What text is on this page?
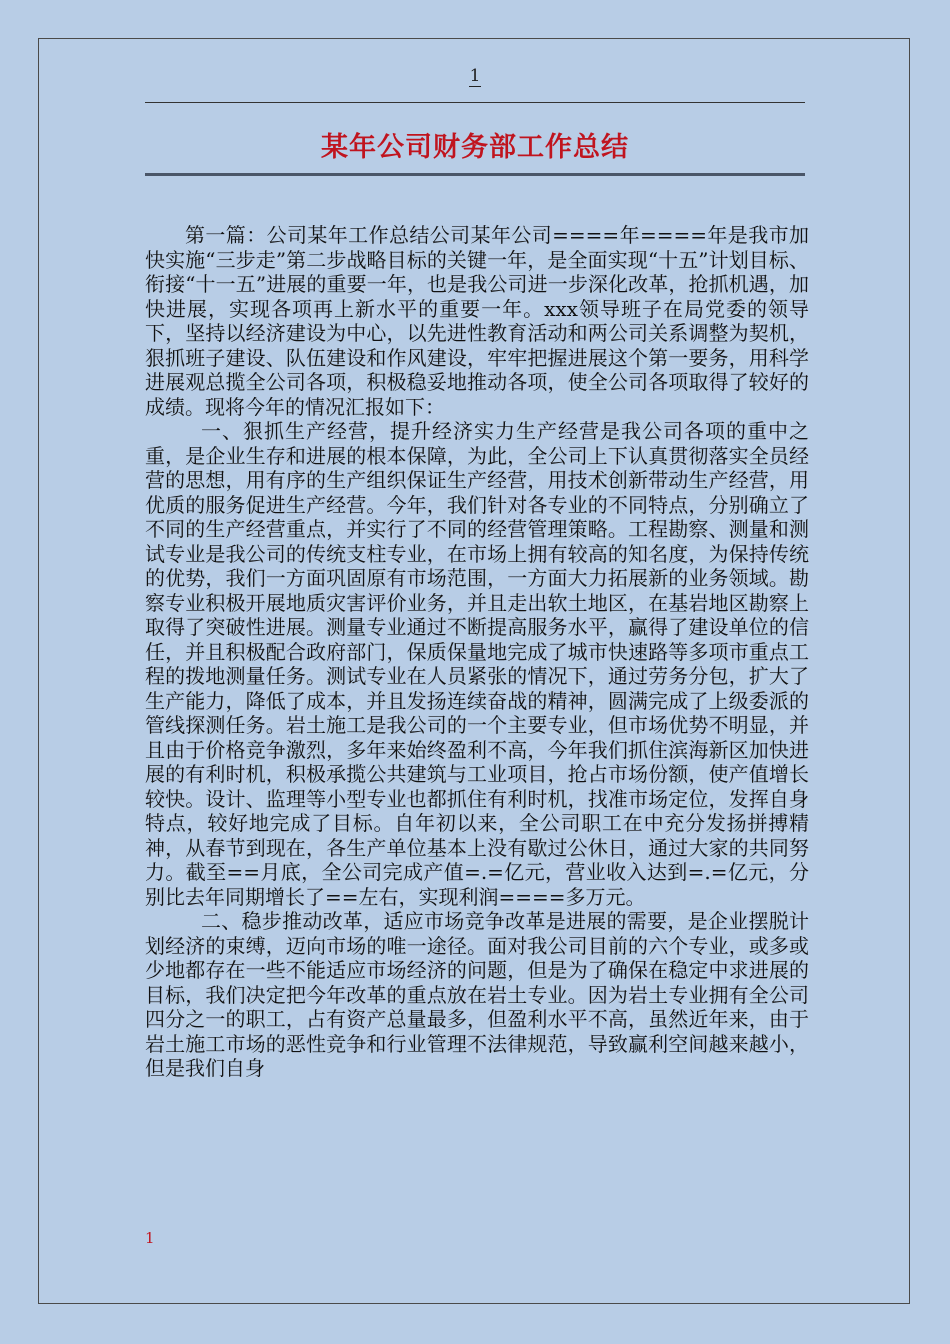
1
某年公司财务部工作总结

第一篇：公司某年工作总结公司某年公司====年====年是我市加快实施“三步走”第二步战略目标的关键一年，是全面实现“十五”计划目标、衔接“十一五”进展的重要一年，也是我公司进一步深化改革，抢抓机遇，加快进展，实现各项再上新水平的重要一年。xxx领导班子在局党委的领导下，坚持以经济建设为中心，以先进性教育活动和两公司关系调整为契机，狠抓班子建设、队伍建设和作风建设，牢牢把握进展这个第一要务，用科学进展观总揽全公司各项，积极稳妥地推动各项，使全公司各项取得了较好的成绩。现将今年的情况汇报如下：

一、狠抓生产经营，提升经济实力生产经营是我公司各项的重中之重，是企业生存和进展的根本保障，为此，全公司上下认真贯彻落实全员经营的思想，用有序的生产组织保证生产经营，用技术创新带动生产经营，用优质的服务促进生产经营。今年，我们针对各专业的不同特点，分别确立了不同的生产经营重点，并实行了不同的经营管理策略。工程勘察、测量和测试专业是我公司的传统支柱专业，在市场上拥有较高的知名度，为保持传统的优势，我们一方面巩固原有市场范围，一方面大力拓展新的业务领域。勘察专业积极开展地质灾害评价业务，并且走出软土地区，在基岩地区勘察上取得了突破性进展。测量专业通过不断提高服务水平，赢得了建设单位的信任，并且积极配合政府部门，保质保量地完成了城市快速路等多项市重点工程的拨地测量任务。测试专业在人员紧张的情况下，通过劳务分包，扩大了生产能力，降低了成本，并且发扬连续奋战的精神，圆满完成了上级委派的管线探测任务。岩土施工是我公司的一个主要专业，但市场优势不明显，并且由于价格竞争激烈，多年来始终盈利不高，今年我们抓住滨海新区加快进展的有利时机，积极承揽公共建筑与工业项目，抢占市场份额，使产值增长较快。设计、监理等小型专业也都抓住有利时机，找准市场定位，发挥自身特点，较好地完成了目标。自年初以来，全公司职工在中充分发扬拼搏精神，从春节到现在，各生产单位基本上没有歇过公休日，通过大家的共同努力。截至==月底，全公司完成产值=.=亿元，营业收入达到=.=亿元，分别比去年同期增长了==左右，实现利润====多万元。

二、稳步推动改革，适应市场竞争改革是进展的需要，是企业摆脱计划经济的束缚，迈向市场的唯一途径。面对我公司目前的六个专业，或多或少地都存在一些不能适应市场经济的问题，但是为了确保在稳定中求进展的目标，我们决定把今年改革的重点放在岩土专业。因为岩土专业拥有全公司四分之一的职工，占有资产总量最多，但盈利水平不高，虽然近年来，由于岩土施工市场的恶性竞争和行业管理不法律规范，导致赢利空间越来越小，但是我们自身

1
